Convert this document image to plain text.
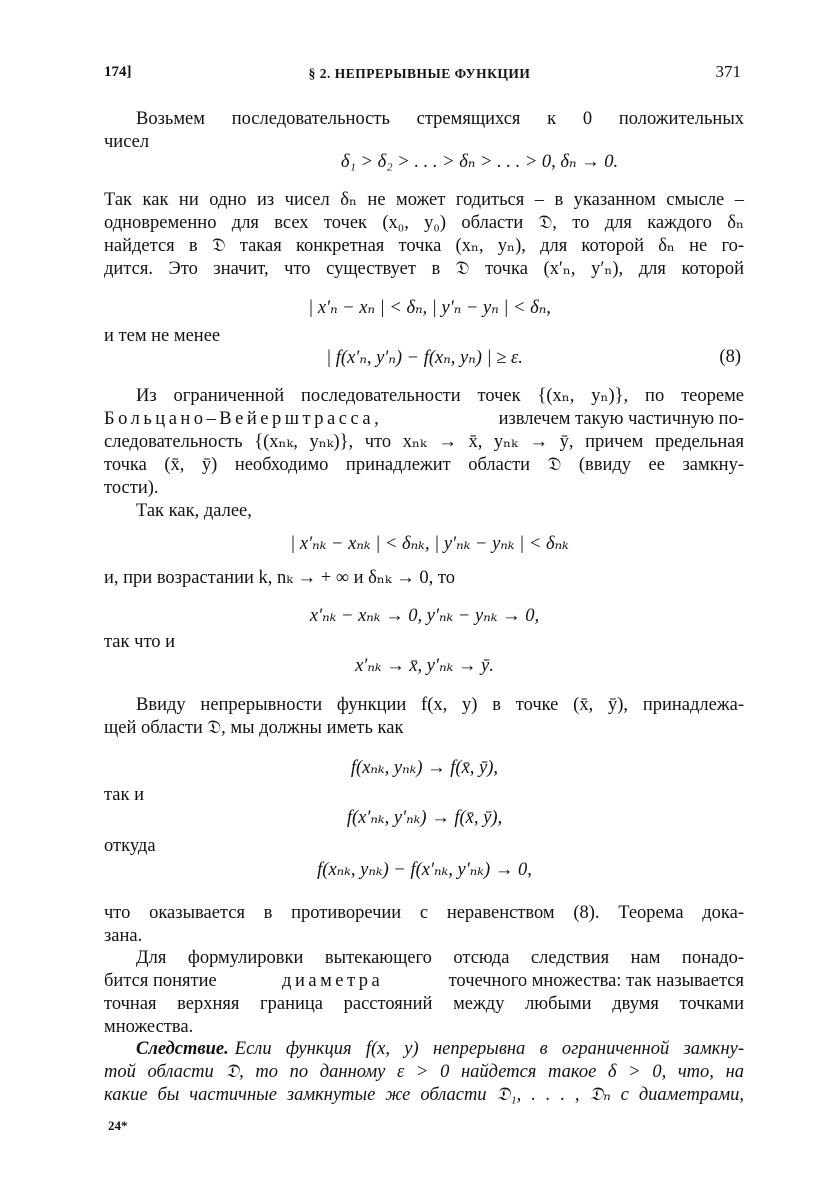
174]	§ 2. НЕПРЕРЫВНЫЕ ФУНКЦИИ	371
Возьмем последовательность стремящихся к 0 положительных
чисел
δ₁ > δ₂ > . . . > δₙ > . . . > 0, δₙ → 0.
Так как ни одно из чисел δₙ не может годиться – в указанном смысле –
одновременно для всех точек (x₀, y₀) области 𝔇, то для каждого δₙ
найдется в 𝔇 такая конкретная точка (xₙ, yₙ), для которой δₙ не го-
дится. Это значит, что существует в 𝔇 точка (x′ₙ, y′ₙ), для которой
| x′ₙ − xₙ | < δₙ, | y′ₙ − yₙ | < δₙ,
и тем не менее
| f(x′ₙ, y′ₙ) − f(xₙ, yₙ) | ≥ ε.	(8)
Из ограниченной последовательности точек {(xₙ, yₙ)}, по теореме
Больцано–Вейерштрасса,	извлечем такую частичную по-
следовательность {(xₙₖ, yₙₖ)}, что xₙₖ → x̄, yₙₖ → ȳ, причем предельная
точка (x̄, ȳ) необходимо принадлежит области 𝔇 (ввиду ее замкну-
тости).
Так как, далее,
| x′ₙₖ − xₙₖ | < δₙₖ, | y′ₙₖ − yₙₖ | < δₙₖ
и, при возрастании k, nₖ → + ∞ и δₙₖ → 0, то
x′ₙₖ − xₙₖ → 0, y′ₙₖ − yₙₖ → 0,
так что и
x′ₙₖ → x̄, y′ₙₖ → ȳ.
Ввиду непрерывности функции f(x, y) в точке (x̄, ȳ), принадлежа-
щей области 𝔇, мы должны иметь как
f(xₙₖ, yₙₖ) → f(x̄, ȳ),
так и
f(x′ₙₖ, y′ₙₖ) → f(x̄, ȳ),
откуда
f(xₙₖ, yₙₖ) − f(x′ₙₖ, y′ₙₖ) → 0,
что оказывается в противоречии с неравенством (8). Теорема дока-
зана.
Для формулировки вытекающего отсюда следствия нам понадо-
бится понятие	диаметра	точечного множества: так называется
точная верхняя граница расстояний между любыми двумя точками
множества.
Следствие. Если функция f(x, y) непрерывна в ограниченной замкну-
той области 𝔇, то по данному ε > 0 найдется такое δ > 0, что, на
какие бы частичные замкнутые же области 𝔇₁, . . . , 𝔇ₙ с диаметрами,
24*
